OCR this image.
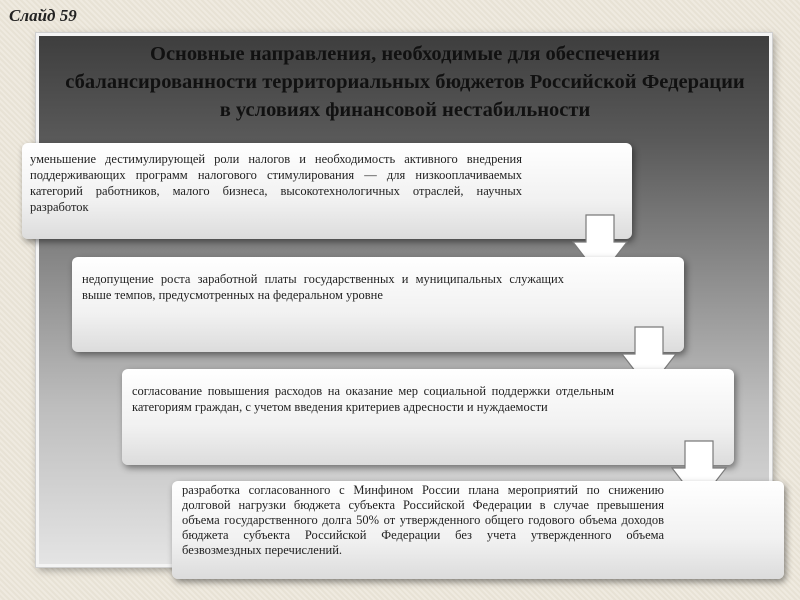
Слайд 59
Основные направления, необходимые для обеспечения сбалансированности территориальных бюджетов Российской Федерации в условиях финансовой нестабильности
уменьшение дестимулирующей роли налогов и необходимость активного внедрения поддерживающих программ налогового стимулирования — для низкооплачиваемых категорий работников, малого бизнеса, высокотехнологичных отраслей, научных разработок
недопущение роста заработной платы государственных и муниципальных служащих выше темпов, предусмотренных на федеральном уровне
согласование повышения расходов на оказание мер социальной поддержки отдельным категориям граждан, с учетом введения критериев адресности и нуждаемости
разработка согласованного с Минфином России плана мероприятий по снижению долговой нагрузки бюджета субъекта Российской Федерации в случае превышения объема государственного долга 50% от утвержденного общего годового объема доходов бюджета субъекта Российской Федерации без учета утвержденного объема безвозмездных перечислений.
